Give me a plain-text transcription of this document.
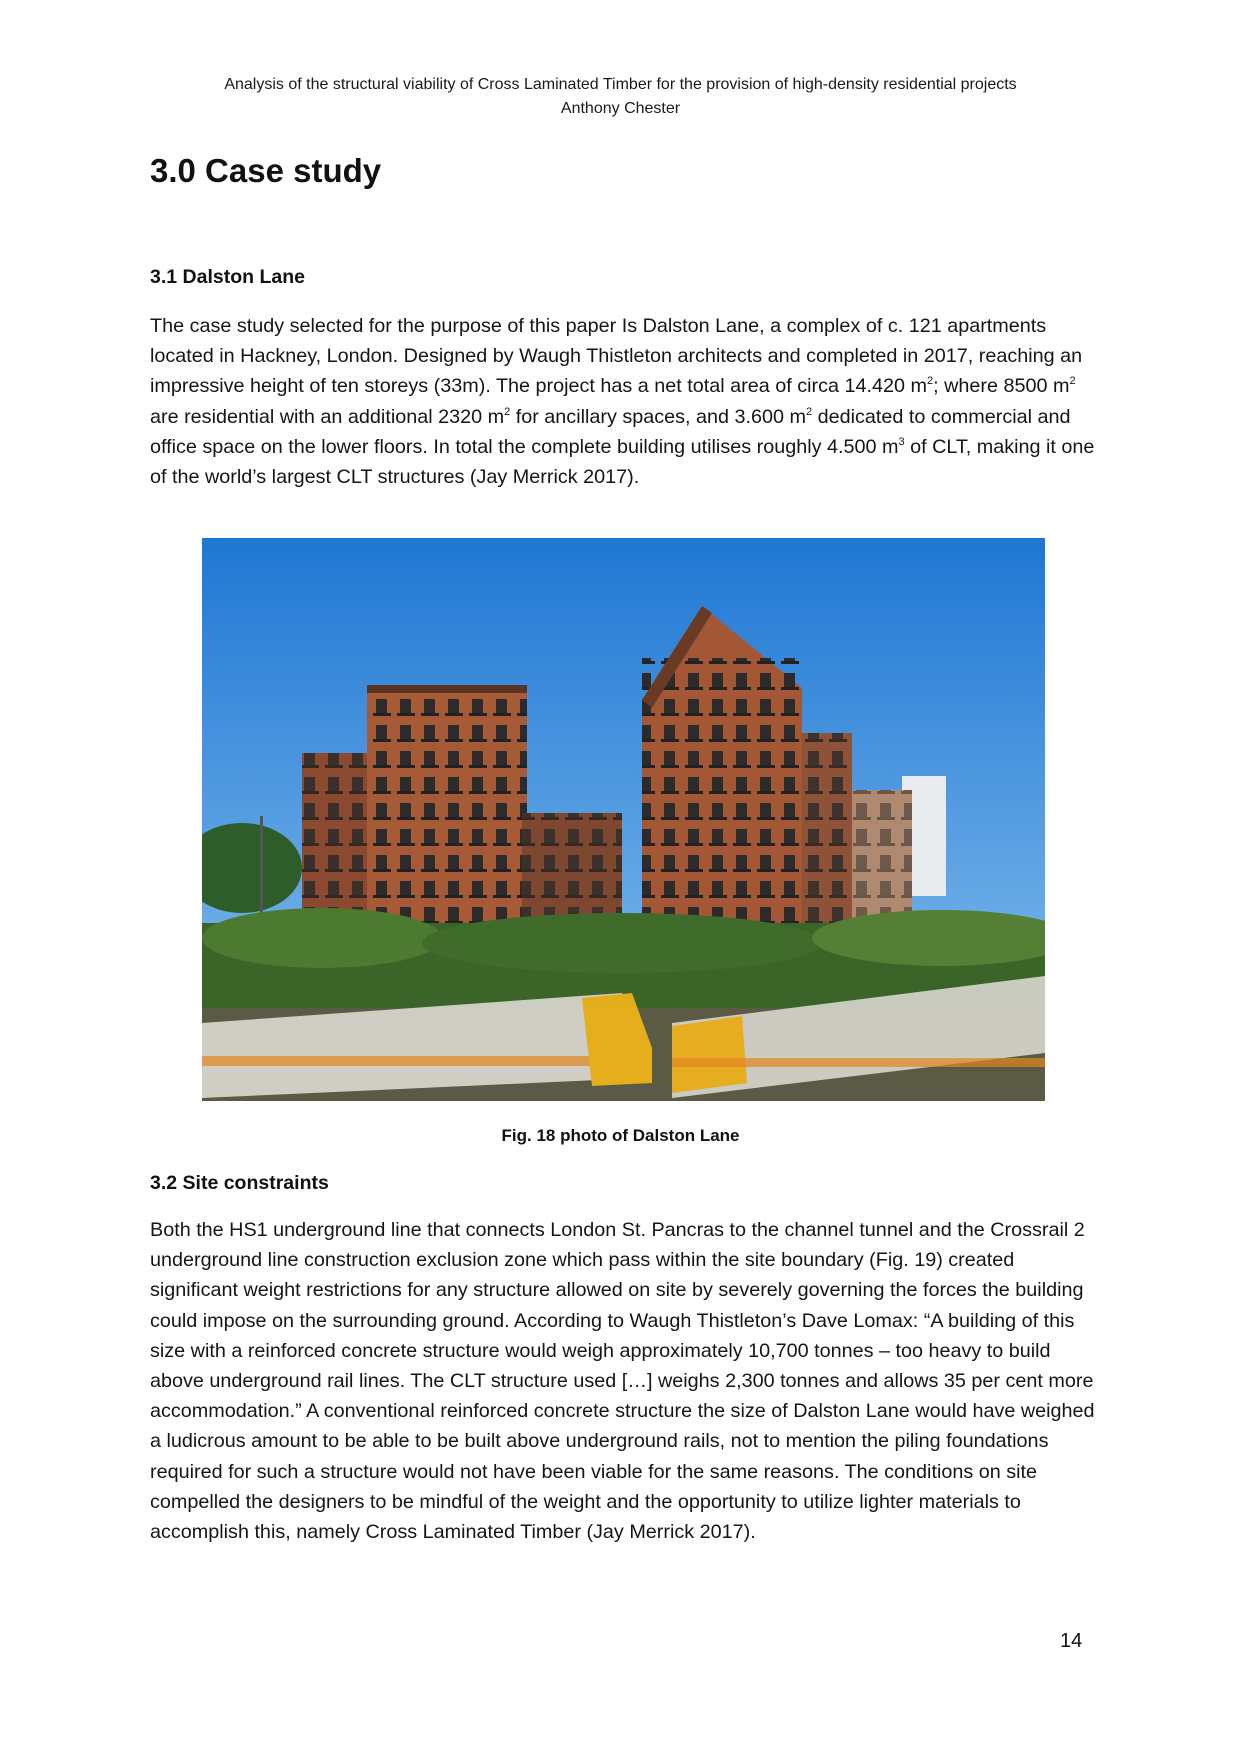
Analysis of the structural viability of Cross Laminated Timber for the provision of high-density residential projects
Anthony Chester
3.0 Case study
3.1 Dalston Lane

The case study selected for the purpose of this paper Is Dalston Lane, a complex of c. 121 apartments located in Hackney, London. Designed by Waugh Thistleton architects and completed in 2017, reaching an impressive height of ten storeys (33m). The project has a net total area of circa 14.420 $m^2$; where 8500 $m^2$ are residential with an additional 2320 $m^2$ for ancillary spaces, and 3.600 $m^2$ dedicated to commercial and office space on the lower floors. In total the complete building utilises roughly 4.500 $m^3$ of CLT, making it one of the world’s largest CLT structures (Jay Merrick 2017).

Fig. 18 photo of Dalston Lane
3.2 Site constraints

Both the HS1 underground line that connects London St. Pancras to the channel tunnel and the Crossrail 2 underground line construction exclusion zone which pass within the site boundary (Fig. 19) created significant weight restrictions for any structure allowed on site by severely governing the forces the building could impose on the surrounding ground. According to Waugh Thistleton’s Dave Lomax: “A building of this size with a reinforced concrete structure would weigh approximately 10,700 tonnes – too heavy to build above underground rail lines. The CLT structure used […] weighs 2,300 tonnes and allows 35 per cent more accommodation.” A conventional reinforced concrete structure the size of Dalston Lane would have weighed a ludicrous amount to be able to be built above underground rails, not to mention the piling foundations required for such a structure would not have been viable for the same reasons. The conditions on site compelled the designers to be mindful of the weight and the opportunity to utilize lighter materials to accomplish this, namely Cross Laminated Timber (Jay Merrick 2017).

14
